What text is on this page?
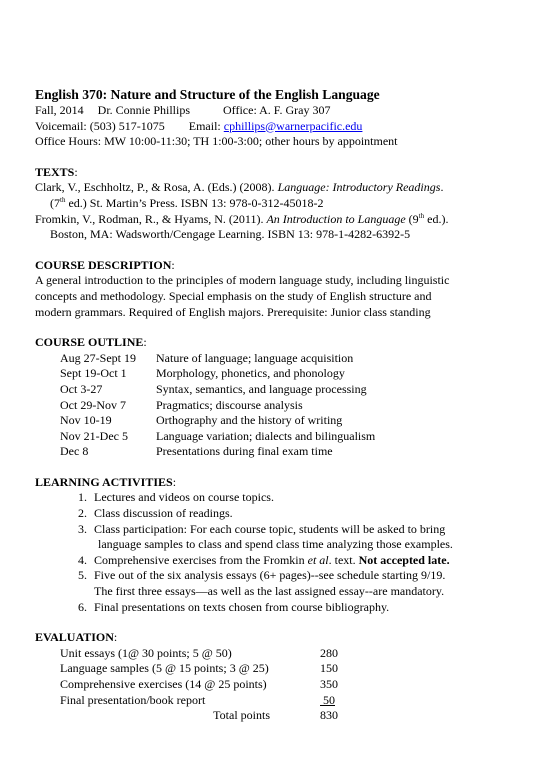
English 370: Nature and Structure of the English Language
Fall, 2014 Dr. Connie Phillips	Office: A. F. Gray 307
Voicemail: (503) 517-1075 Email: cphillips@warnerpacific.edu
Office Hours: MW 10:00-11:30; TH 1:00-3:00; other hours by appointment
TEXTS:
Clark, V., Eschholtz, P., & Rosa, A. (Eds.) (2008). Language: Introductory Readings.
(7th ed.) St. Martin’s Press. ISBN 13: 978-0-312-45018-2
Fromkin, V., Rodman, R., & Hyams, N. (2011). An Introduction to Language (9th ed.).
Boston, MA: Wadsworth/Cengage Learning. ISBN 13: 978-1-4282-6392-5
COURSE DESCRIPTION:
A general introduction to the principles of modern language study, including linguistic
concepts and methodology. Special emphasis on the study of English structure and
modern grammars. Required of English majors. Prerequisite: Junior class standing
COURSE OUTLINE:
Aug 27-Sept 19	Nature of language; language acquisition
Sept 19-Oct 1	Morphology, phonetics, and phonology
Oct 3-27	Syntax, semantics, and language processing
Oct 29-Nov 7	Pragmatics; discourse analysis
Nov 10-19	Orthography and the history of writing
Nov 21-Dec 5	Language variation; dialects and bilingualism
Dec 8	Presentations during final exam time
LEARNING ACTIVITIES:
1. Lectures and videos on course topics.
2. Class discussion of readings.
3. Class participation: For each course topic, students will be asked to bring
language samples to class and spend class time analyzing those examples.
4. Comprehensive exercises from the Fromkin et al. text. Not accepted late.
5. Five out of the six analysis essays (6+ pages)--see schedule starting 9/19.
The first three essays—as well as the last assigned essay--are mandatory.
6. Final presentations on texts chosen from course bibliography.
EVALUATION:
Unit essays (1@ 30 points; 5 @ 50)	280
Language samples (5 @ 15 points; 3 @ 25)	150
Comprehensive exercises (14 @ 25 points)	350
Final presentation/book report	50
Total points	830
